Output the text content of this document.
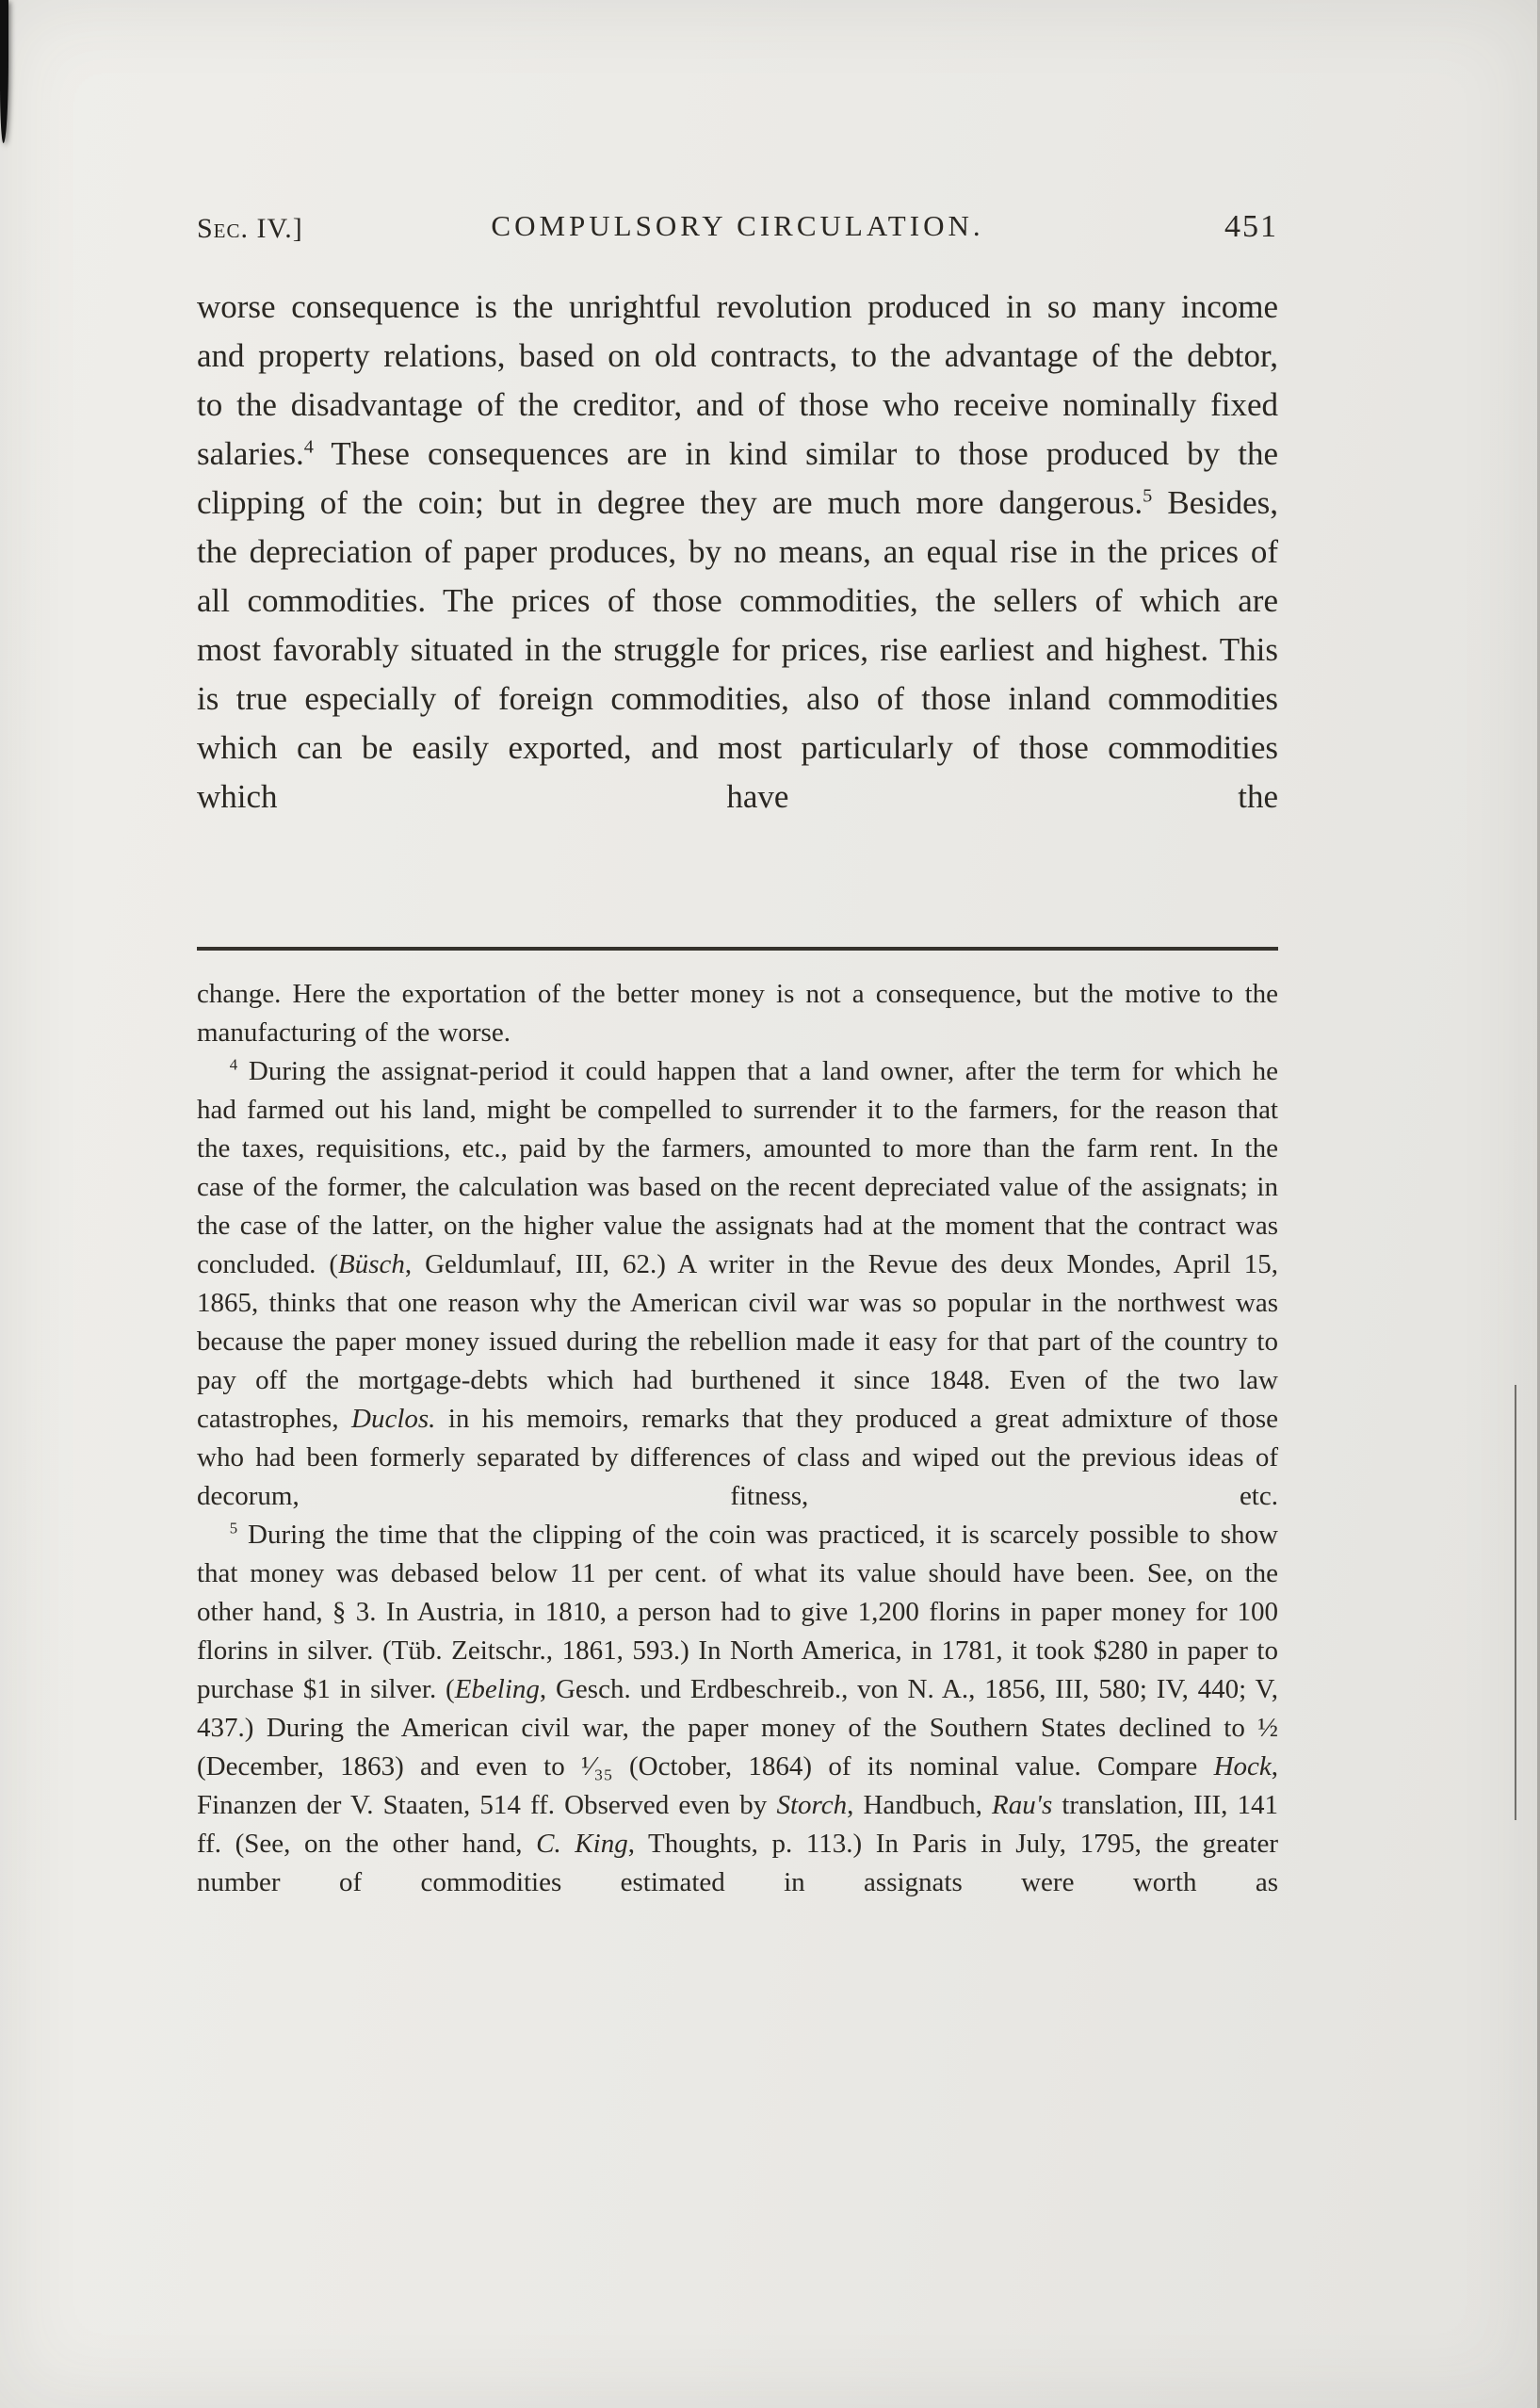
Sec. IV.]	COMPULSORY CIRCULATION.	451

worse consequence is the unrightful revolution produced in so many income and property relations, based on old contracts, to the advantage of the debtor, to the disadvantage of the creditor, and of those who receive nominally fixed salaries.$^4$ These consequences are in kind similar to those produced by the clipping of the coin; but in degree they are much more dangerous.$^5$ Besides, the depreciation of paper produces, by no means, an equal rise in the prices of all commodities. The prices of those commodities, the sellers of which are most favorably situated in the struggle for prices, rise earliest and highest. This is true especially of foreign commodities, also of those inland commodities which can be easily exported, and most particularly of those commodities which have the

change. Here the exportation of the better money is not a consequence, but the motive to the manufacturing of the worse.

$^4$ During the assignat-period it could happen that a land owner, after the term for which he had farmed out his land, might be compelled to surrender it to the farmers, for the reason that the taxes, requisitions, etc., paid by the farmers, amounted to more than the farm rent. In the case of the former, the calculation was based on the recent depreciated value of the assignats; in the case of the latter, on the higher value the assignats had at the moment that the contract was concluded. (Büsch, Geldumlauf, III, 62.) A writer in the Revue des deux Mondes, April 15, 1865, thinks that one reason why the American civil war was so popular in the northwest was because the paper money issued during the rebellion made it easy for that part of the country to pay off the mortgage-debts which had burthened it since 1848. Even of the two law catastrophes, Duclos. in his memoirs, remarks that they produced a great admixture of those who had been formerly separated by differences of class and wiped out the previous ideas of decorum, fitness, etc.

$^5$ During the time that the clipping of the coin was practiced, it is scarcely possible to show that money was debased below 11 per cent. of what its value should have been. See, on the other hand, § 3. In Austria, in 1810, a person had to give 1,200 florins in paper money for 100 florins in silver. (Tüb. Zeitschr., 1861, 593.) In North America, in 1781, it took $280 in paper to purchase $1 in silver. (Ebeling, Gesch. und Erdbeschreib., von N. A., 1856, III, 580; IV, 440; V, 437.) During the American civil war, the paper money of the Southern States declined to ½ (December, 1863) and even to ¹⁄₃₅ (October, 1864) of its nominal value. Compare Hock, Finanzen der V. Staaten, 514 ff. Observed even by Storch, Handbuch, Rau's translation, III, 141 ff. (See, on the other hand, C. King, Thoughts, p. 113.) In Paris in July, 1795, the greater number of commodities estimated in assignats were worth as
